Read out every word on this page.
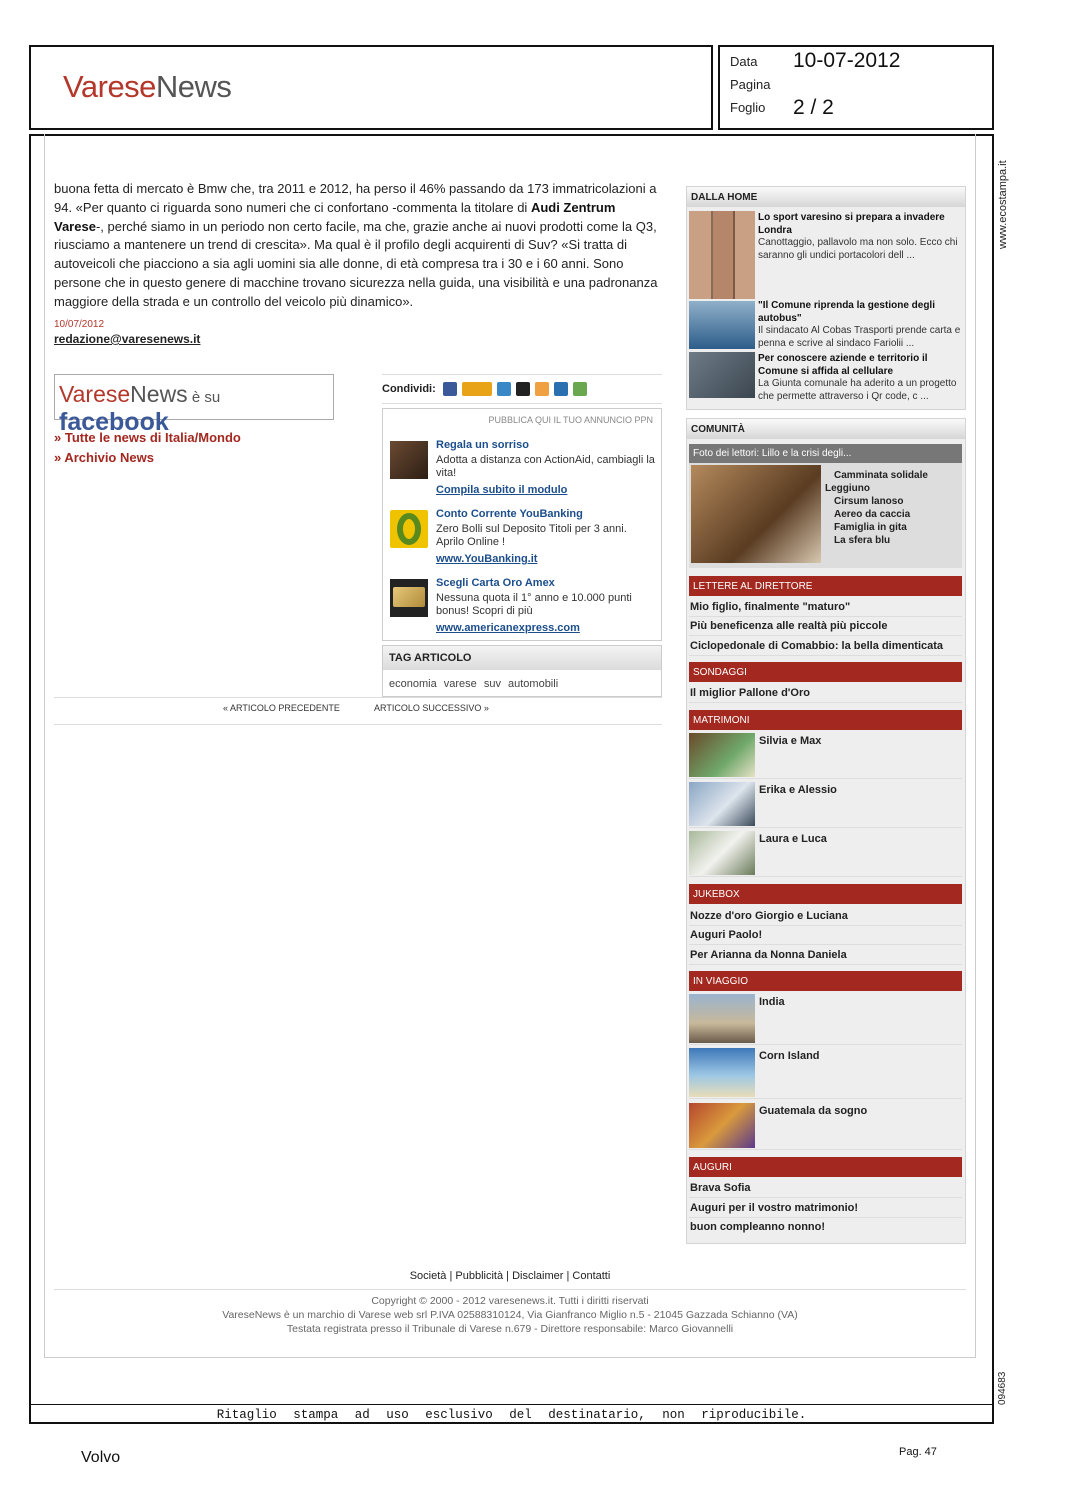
VareseNews
Data 10-07-2012
Pagina
Foglio 2 / 2
www.ecostampa.it
094683
buona fetta di mercato è Bmw che, tra 2011 e 2012, ha perso il 46% passando da 173 immatricolazioni a 94. «Per quanto ci riguarda sono numeri che ci confortano -commenta la titolare di Audi Zentrum Varese-, perché siamo in un periodo non certo facile, ma che, grazie anche ai nuovi prodotti come la Q3, riusciamo a mantenere un trend di crescita». Ma qual è il profilo degli acquirenti di Suv? «Si tratta di autoveicoli che piacciono a sia agli uomini sia alle donne, di età compresa tra i 30 e i 60 anni. Sono persone che in questo genere di macchine trovano sicurezza nella guida, una visibilità e una padronanza maggiore della strada e un controllo del veicolo più dinamico».
10/07/2012
redazione@varesenews.it
VareseNews è su facebook
» Tutte le news di Italia/Mondo
» Archivio News
Condividi:
PUBBLICA QUI IL TUO ANNUNCIO PPN
Regala un sorriso
Adotta a distanza con ActionAid, cambiagli la vita!
Compila subito il modulo
Conto Corrente YouBanking
Zero Bolli sul Deposito Titoli per 3 anni. Aprilo Online !
www.YouBanking.it
Scegli Carta Oro Amex
Nessuna quota il 1° anno e 10.000 punti bonus! Scopri di più
www.americanexpress.com
TAG ARTICOLO
economia varese suv automobili
« ARTICOLO PRECEDENTE	ARTICOLO SUCCESSIVO »
DALLA HOME
Lo sport varesino si prepara a invadere Londra
Canottaggio, pallavolo ma non solo. Ecco chi saranno gli undici portacolori dell ...
"Il Comune riprenda la gestione degli autobus"
Il sindacato Al Cobas Trasporti prende carta e penna e scrive al sindaco Fariolii ...
Per conoscere aziende e territorio il Comune si affida al cellulare
La Giunta comunale ha aderito a un progetto che permette attraverso i Qr code, c ...
COMUNITÀ
Foto dei lettori: Lillo e la crisi degli...
Camminata solidale
Leggiuno
Cirsum lanoso
Aereo da caccia
Famiglia in gita
La sfera blu
LETTERE AL DIRETTORE
Mio figlio, finalmente "maturo"
Più beneficenza alle realtà più piccole
Ciclopedonale di Comabbio: la bella dimenticata
SONDAGGI
Il miglior Pallone d'Oro
MATRIMONI
Silvia e Max
Erika e Alessio
Laura e Luca
JUKEBOX
Nozze d'oro Giorgio e Luciana
Auguri Paolo!
Per Arianna da Nonna Daniela
IN VIAGGIO
India
Corn Island
Guatemala da sogno
AUGURI
Brava Sofia
Auguri per il vostro matrimonio!
buon compleanno nonno!
Società | Pubblicità | Disclaimer | Contatti
Copyright © 2000 - 2012 varesenews.it. Tutti i diritti riservati
VareseNews è un marchio di Varese web srl P.IVA 02588310124, Via Gianfranco Miglio n.5 - 21045 Gazzada Schianno (VA)
Testata registrata presso il Tribunale di Varese n.679 - Direttore responsabile: Marco Giovannelli
Ritaglio stampa ad uso esclusivo del destinatario, non riproducibile.
Volvo	Pag. 47
